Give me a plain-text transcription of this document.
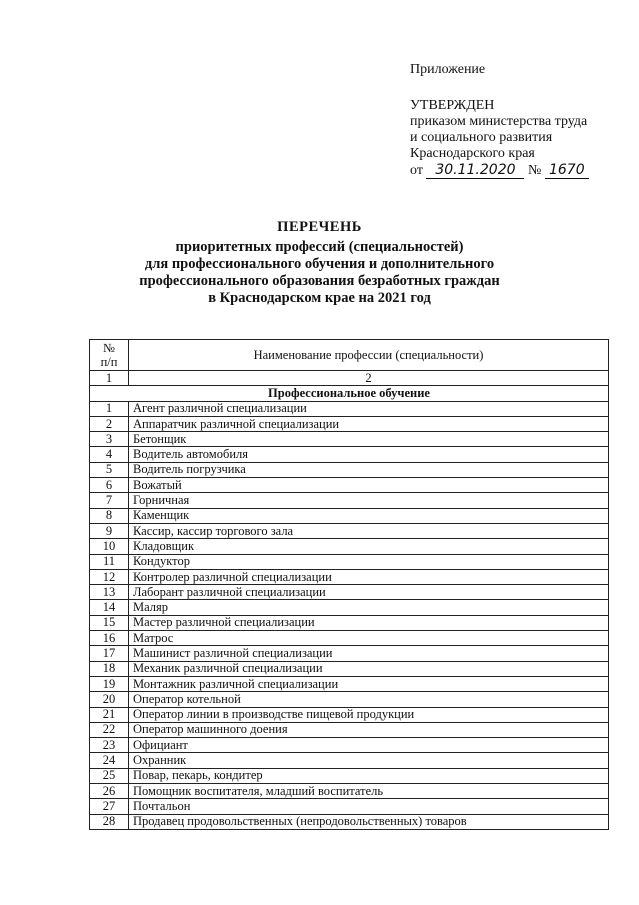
Приложение
УТВЕРЖДЕН
приказом министерства труда
и социального развития
Краснодарского края
от 30.11.2020 № 1670
ПЕРЕЧЕНЬ
приоритетных профессий (специальностей)
для профессионального обучения и дополнительного
профессионального образования безработных граждан
в Краснодарском крае на 2021 год
№
п/п	Наименование профессии (специальности)
1	2
Профессиональное обучение	
1	Агент различной специализации
2	Аппаратчик различной специализации
3	Бетонщик
4	Водитель автомобиля
5	Водитель погрузчика
6	Вожатый
7	Горничная
8	Каменщик
9	Кассир, кассир торгового зала
10	Кладовщик
11	Кондуктор
12	Контролер различной специализации
13	Лаборант различной специализации
14	Маляр
15	Мастер различной специализации
16	Матрос
17	Машинист различной специализации
18	Механик различной специализации
19	Монтажник различной специализации
20	Оператор котельной
21	Оператор линии в производстве пищевой продукции
22	Оператор машинного доения
23	Официант
24	Охранник
25	Повар, пекарь, кондитер
26	Помощник воспитателя, младший воспитатель
27	Почтальон
28	Продавец продовольственных (непродовольственных) товаров
